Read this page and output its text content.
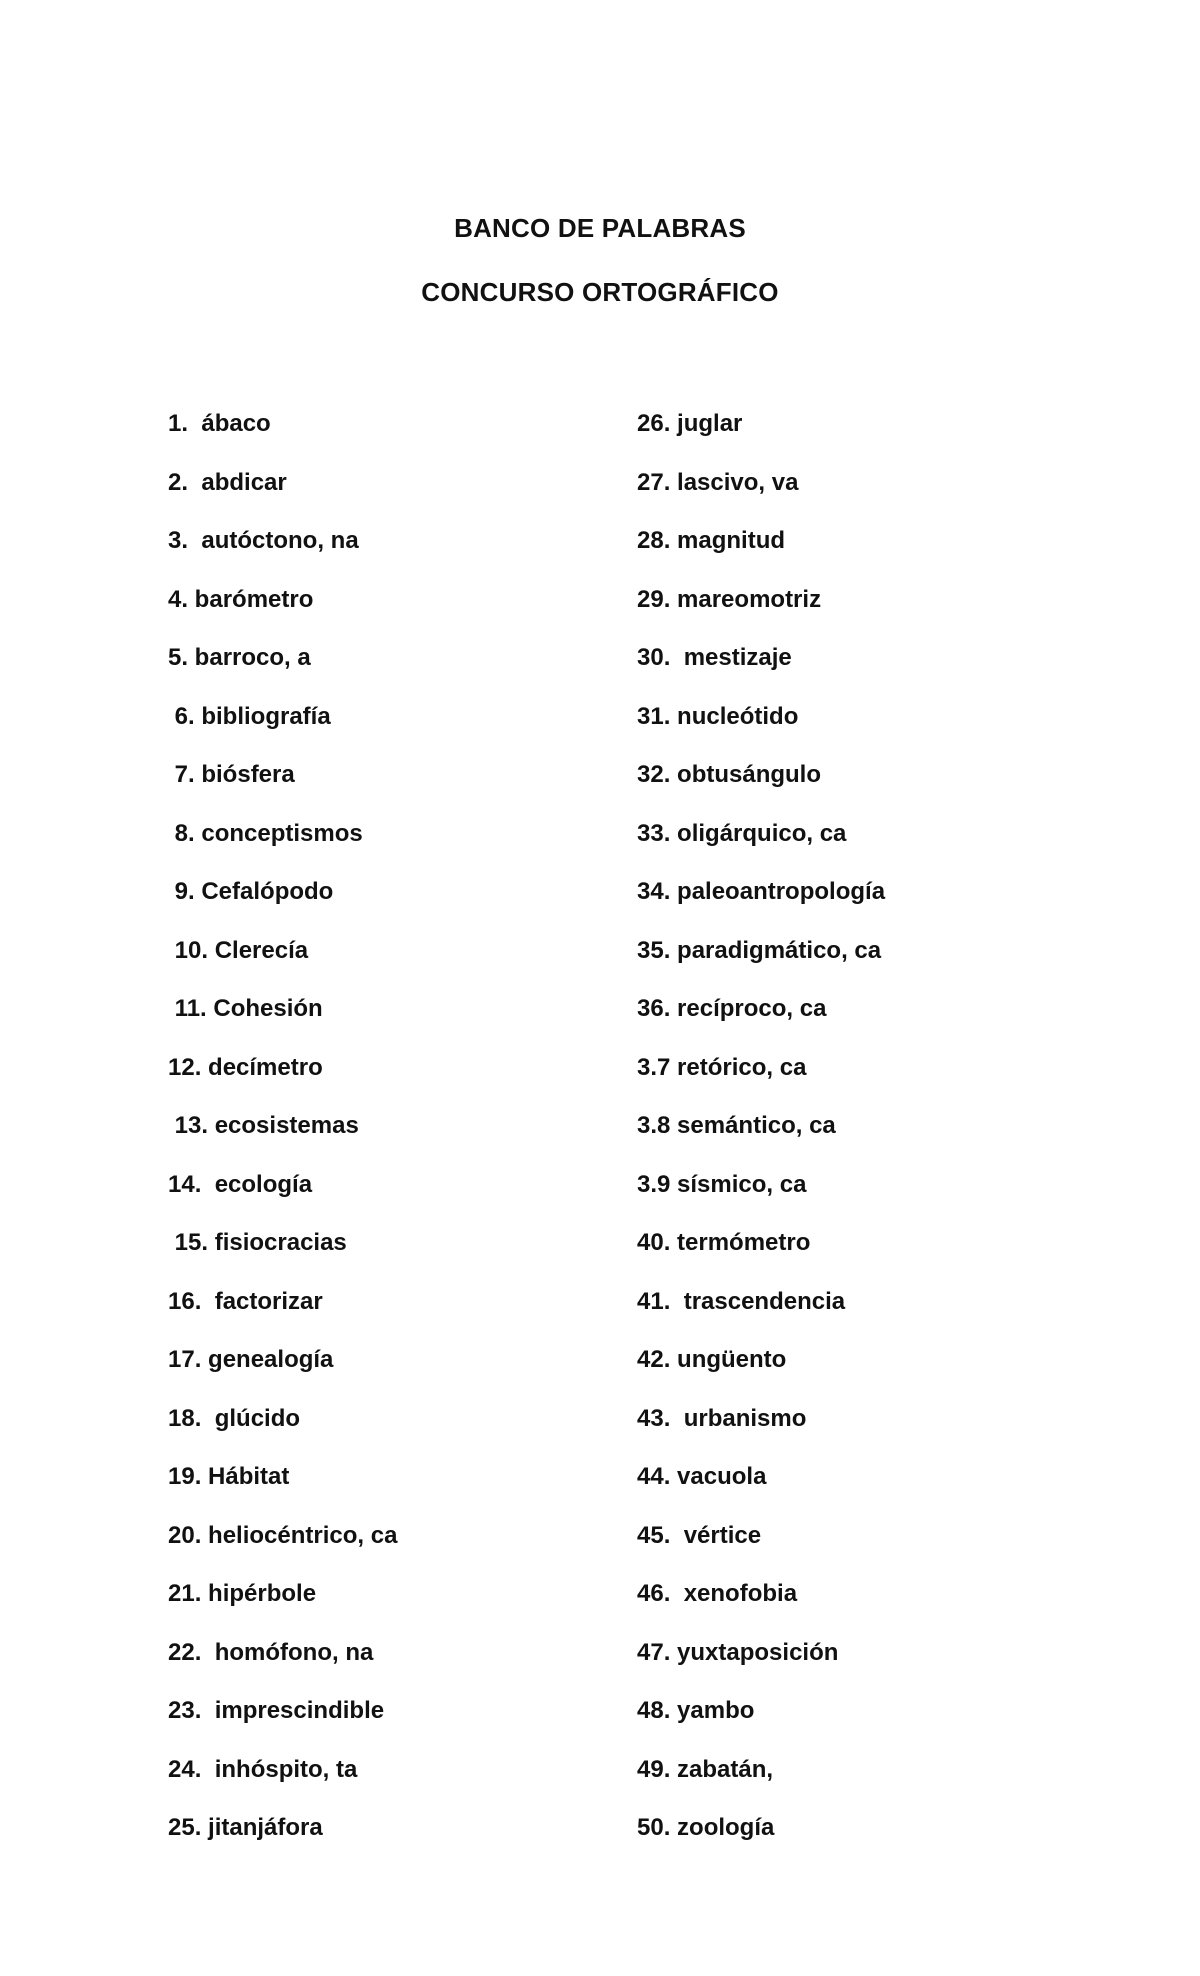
BANCO DE PALABRAS
CONCURSO ORTOGRÁFICO
1.  ábaco
2.  abdicar
3.  autóctono, na
4. barómetro
5. barroco, a
6. bibliografía
7. biósfera
8. conceptismos
9. Cefalópodo
10. Clerecía
11. Cohesión
12. decímetro
13. ecosistemas
14.  ecología
15. fisiocracias
16.  factorizar
17. genealogía
18.  glúcido
19. Hábitat
20. heliocéntrico, ca
21. hipérbole
22.  homófono, na
23.  imprescindible
24.  inhóspito, ta
25. jitanjáfora
26. juglar
27. lascivo, va
28. magnitud
29. mareomotriz
30.  mestizaje
31. nucleótido
32. obtusángulo
33. oligárquico, ca
34. paleoantropología
35. paradigmático, ca
36. recíproco, ca
3.7 retórico, ca
3.8 semántico, ca
3.9 sísmico, ca
40. termómetro
41.  trascendencia
42. ungüento
43.  urbanismo
44. vacuola
45.  vértice
46.  xenofobia
47. yuxtaposición
48. yambo
49. zabatán,
50. zoología
